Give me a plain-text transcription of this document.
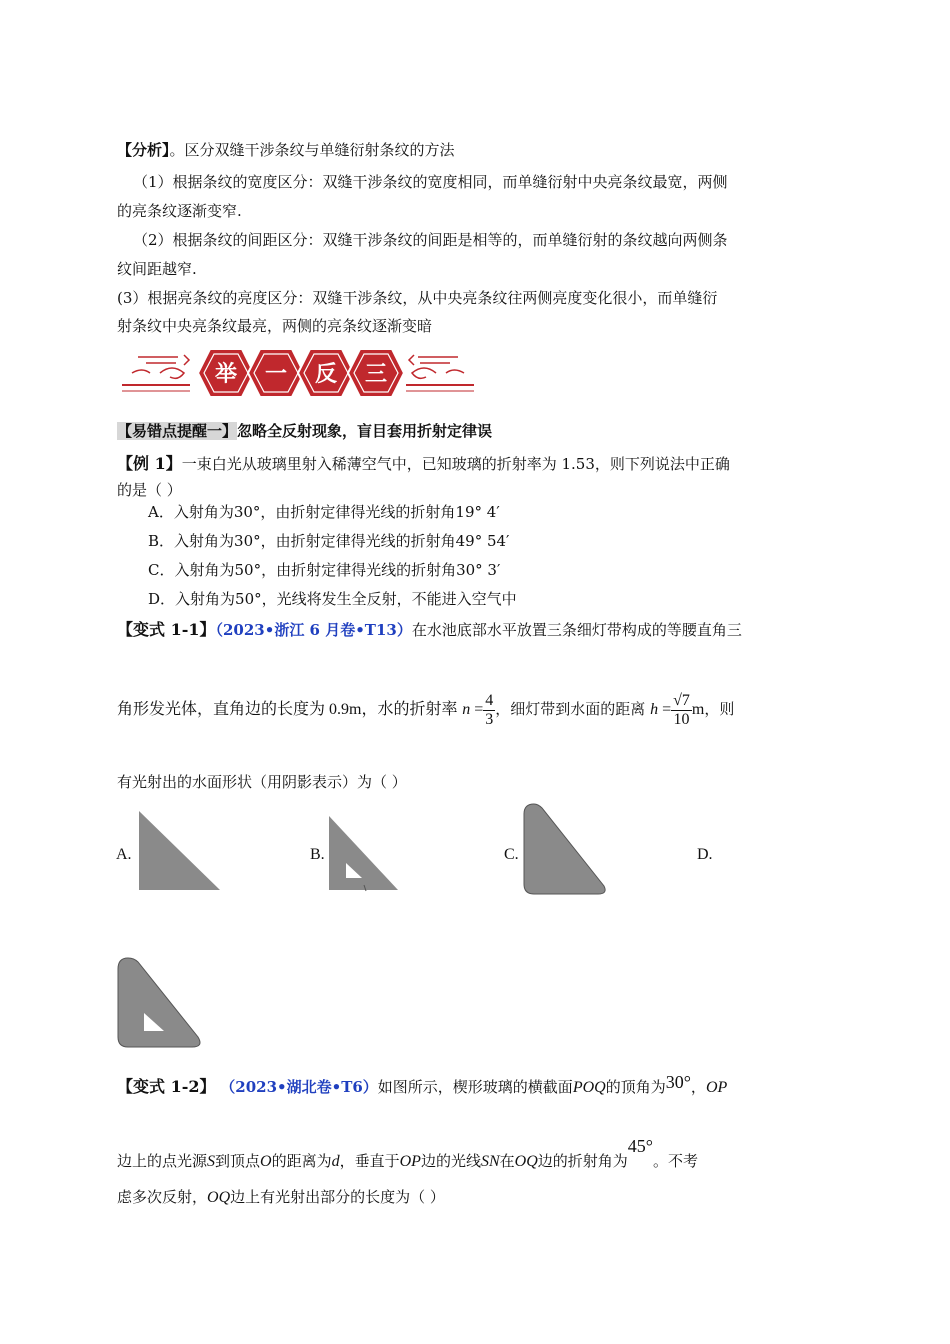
【分析】。区分双缝干涉条纹与单缝衍射条纹的方法
（1）根据条纹的宽度区分：双缝干涉条纹的宽度相同，而单缝衍射中央亮条纹最宽，两侧
的亮条纹逐渐变窄.
（2）根据条纹的间距区分：双缝干涉条纹的间距是相等的，而单缝衍射的条纹越向两侧条
纹间距越窄.
(3）根据亮条纹的亮度区分：双缝干涉条纹，从中央亮条纹往两侧亮度变化很小，而单缝衍
射条纹中央亮条纹最亮，两侧的亮条纹逐渐变暗
举 一 反 三
【易错点提醒一】忽略全反射现象，盲目套用折射定律误
【例 1】一束白光从玻璃里射入稀薄空气中，已知玻璃的折射率为 1.53，则下列说法中正确
的是（ ）
A．入射角为30°，由折射定律得光线的折射角19° 4′
B．入射角为30°，由折射定律得光线的折射角49° 54′
C．入射角为50°，由折射定律得光线的折射角30° 3′
D．入射角为50°，光线将发生全反射，不能进入空气中
【变式 1-1】（2023•浙江 6 月卷•T13）在水池底部水平放置三条细灯带构成的等腰直角三
角形发光体，直角边的长度为 0.9m，水的折射率 $n = \frac{4}{3}$ ，细灯带到水面的距离 $h = \frac{√7}{10}$ m，则
有光射出的水面形状（用阴影表示）为（ ）
A.	B.	C.	D.
【变式 1-2】 （2023•湖北卷•T6）如图所示，楔形玻璃的横截面POQ的顶角为30°，OP
边上的点光源S到顶点O的距离为d，垂直于OP边的光线SN在OQ边的折射角为45°。不考
虑多次反射，OQ边上有光射出部分的长度为（ ）
